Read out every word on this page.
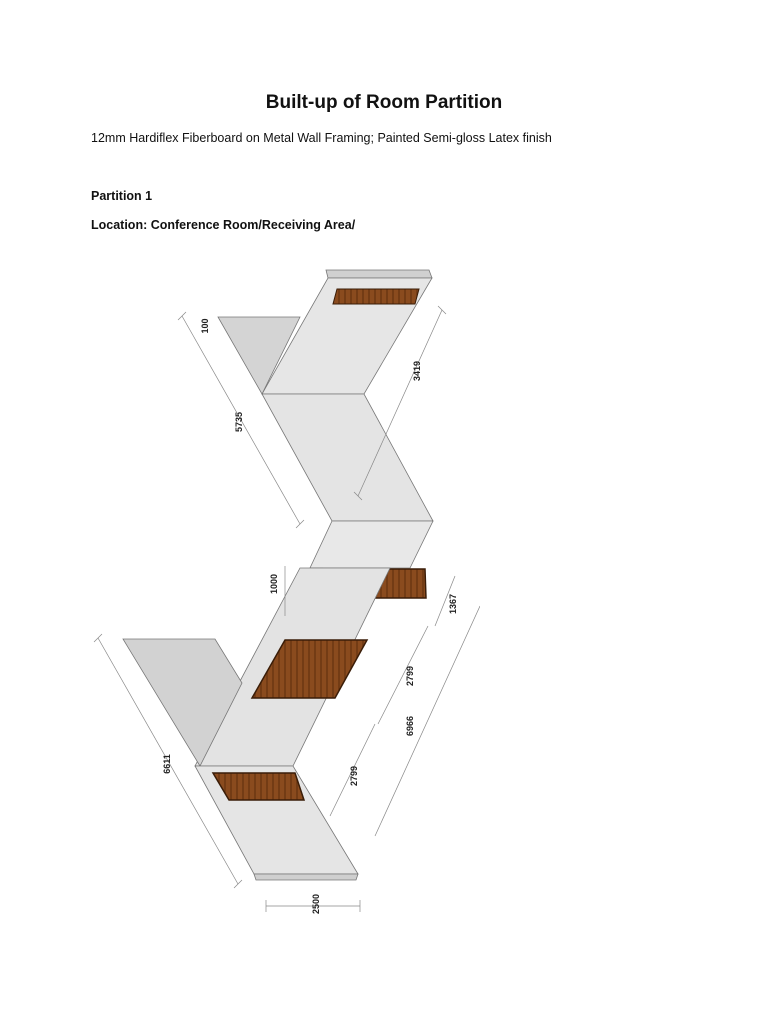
Built-up of Room Partition
12mm Hardiflex Fiberboard on Metal Wall Framing; Painted Semi-gloss Latex finish
Partition 1
Location: Conference Room/Receiving Area/
100
5735
3419
1000
1367
2799
6966
2799
6611
2500
